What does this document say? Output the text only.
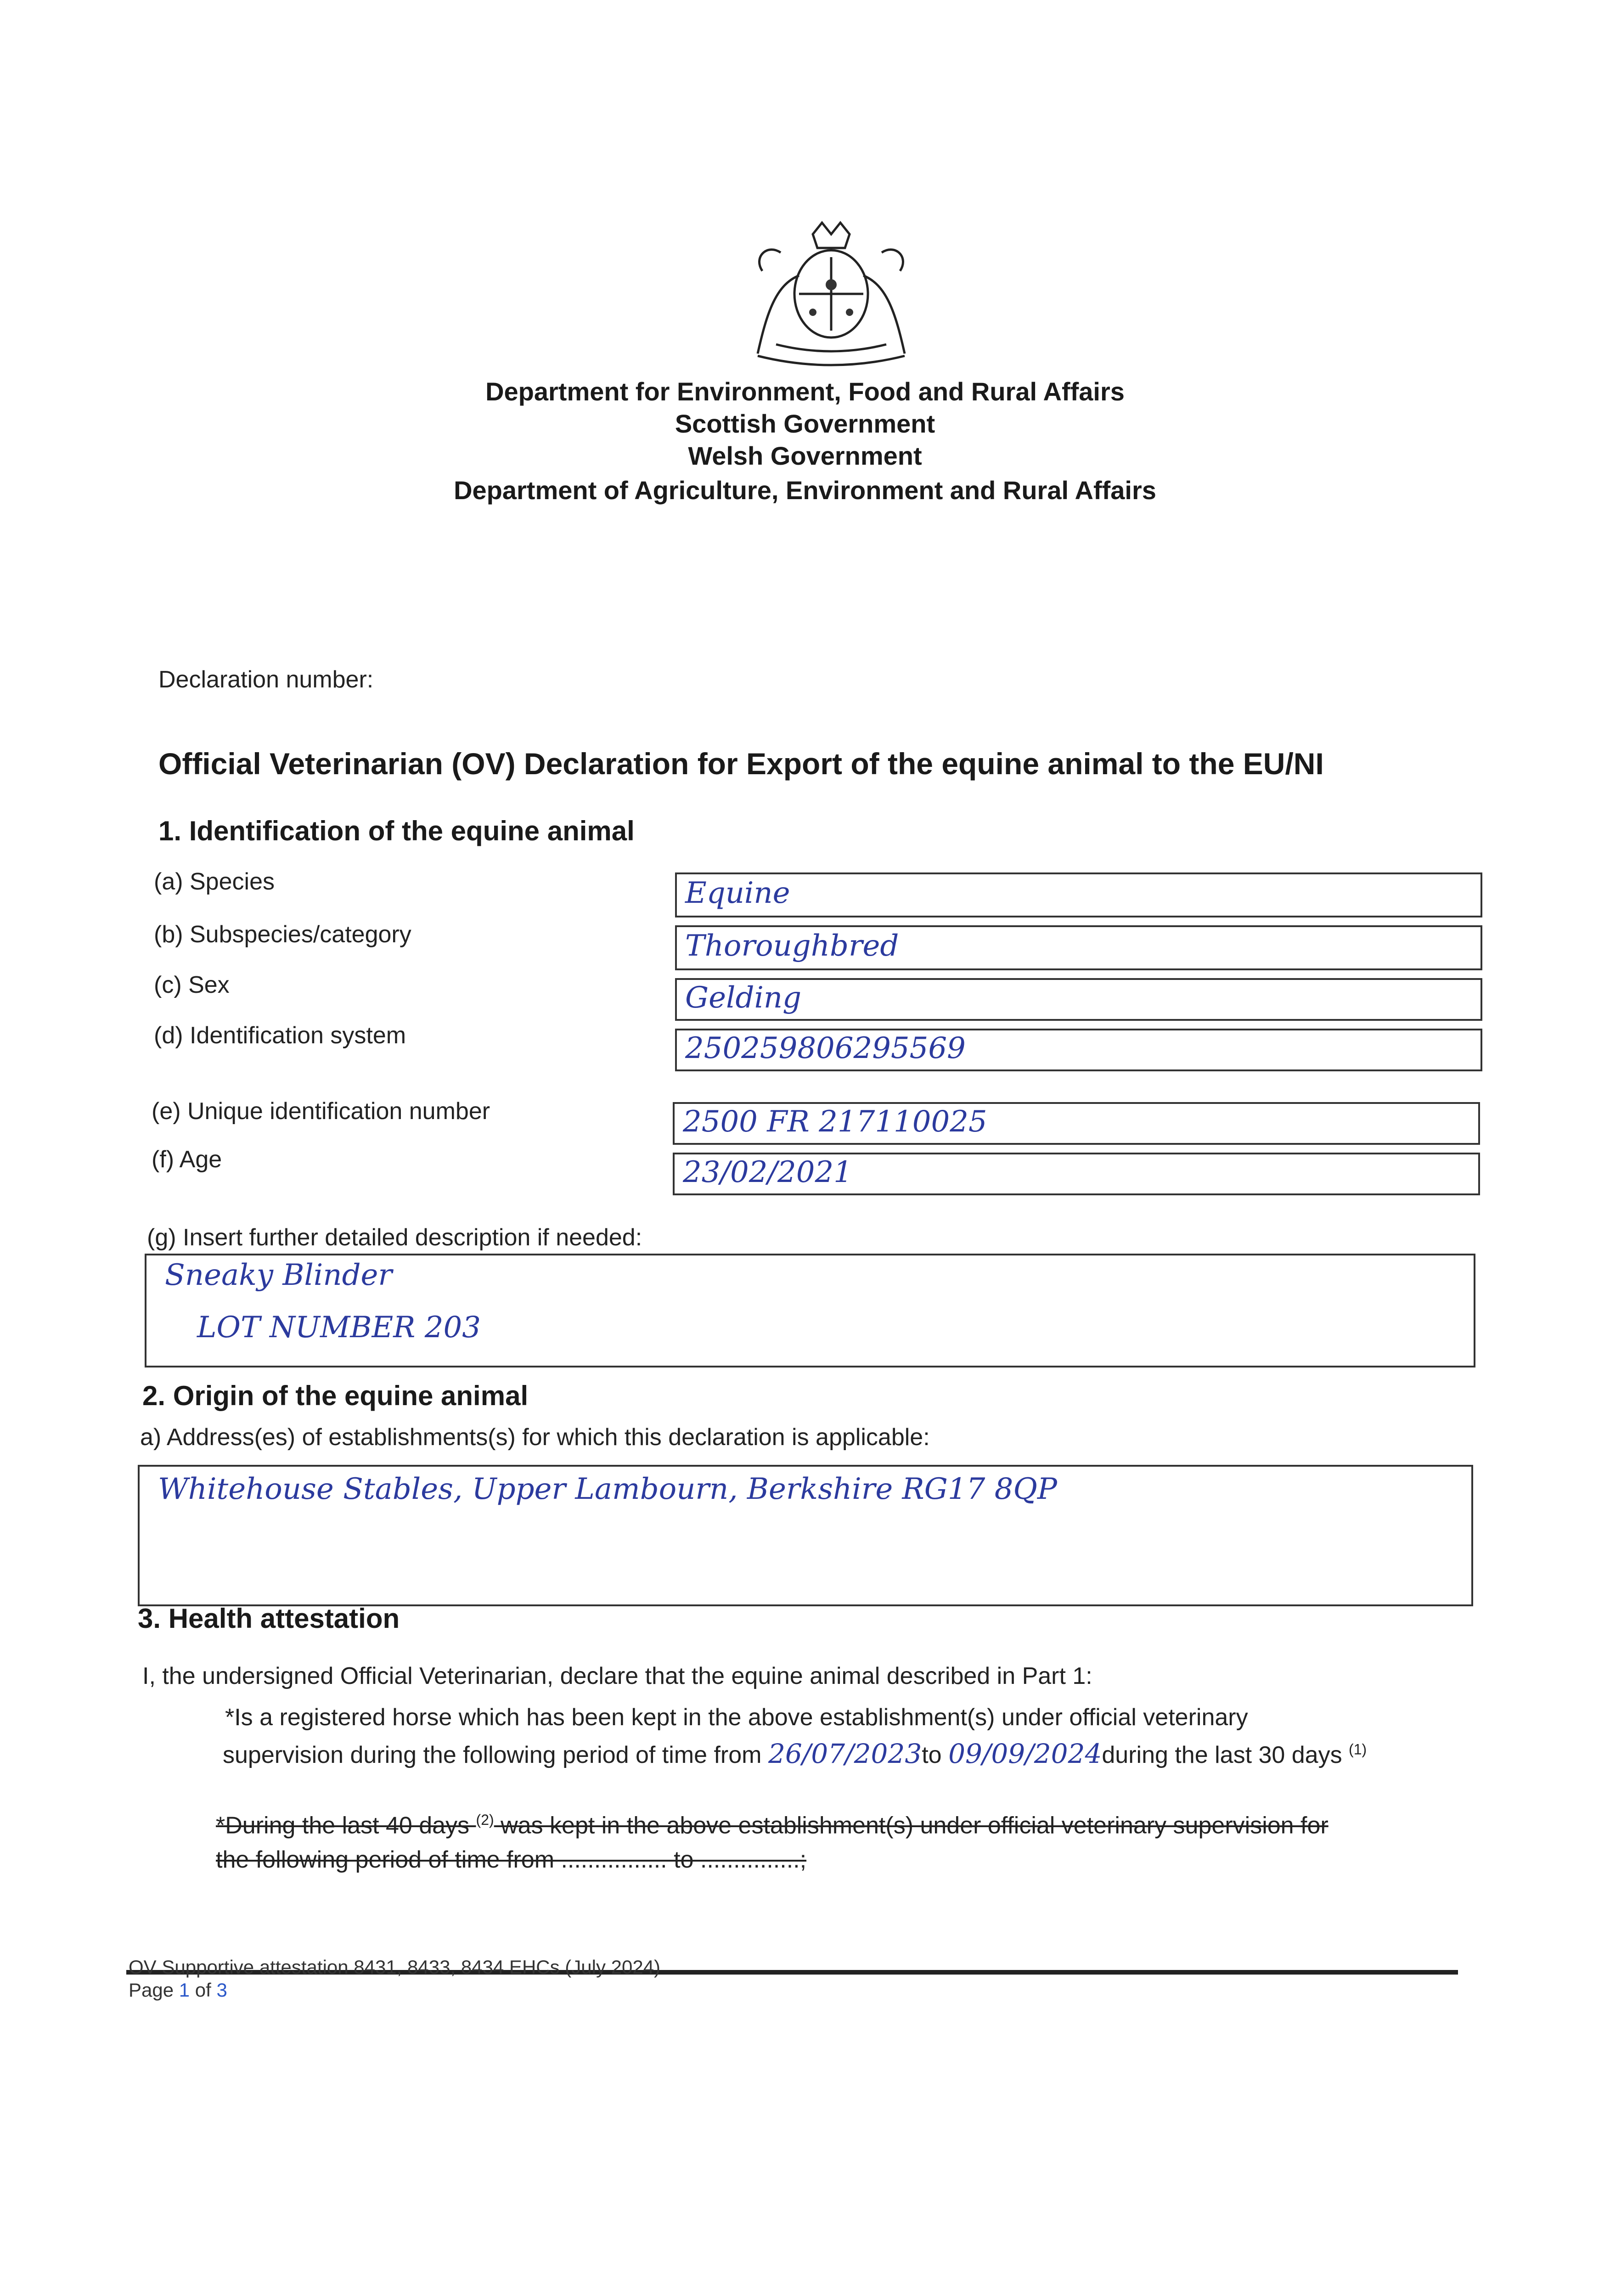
Department for Environment, Food and Rural Affairs
Scottish Government
Welsh Government
Department of Agriculture, Environment and Rural Affairs
Declaration number:
Official Veterinarian (OV) Declaration for Export of the equine animal to the EU/NI
1. Identification of the equine animal
(a) Species	Equine
(b) Subspecies/category	Thoroughbred
(c) Sex	Gelding
(d) Identification system	250259806295569
(e) Unique identification number	2500 FR 217110025
(f) Age	23/02/2021
(g) Insert further detailed description if needed:
Sneaky Blinder
LOT NUMBER 203
2. Origin of the equine animal
a) Address(es) of establishments(s) for which this declaration is applicable:
Whitehouse Stables, Upper Lambourn, Berkshire RG17 8QP
3. Health attestation
I, the undersigned Official Veterinarian, declare that the equine animal described in Part 1:
*Is a registered horse which has been kept in the above establishment(s) under official veterinary
supervision during the following period of time from 26/07/2023to 09/09/2024during the last 30 days $^{(1)}$
*During the last 40 days $^{(2)}$ was kept in the above establishment(s) under official veterinary supervision for
the following period of time from ................ to ...............;
OV Supportive attestation 8431, 8433, 8434 EHCs (July 2024)
Page 1 of 3
